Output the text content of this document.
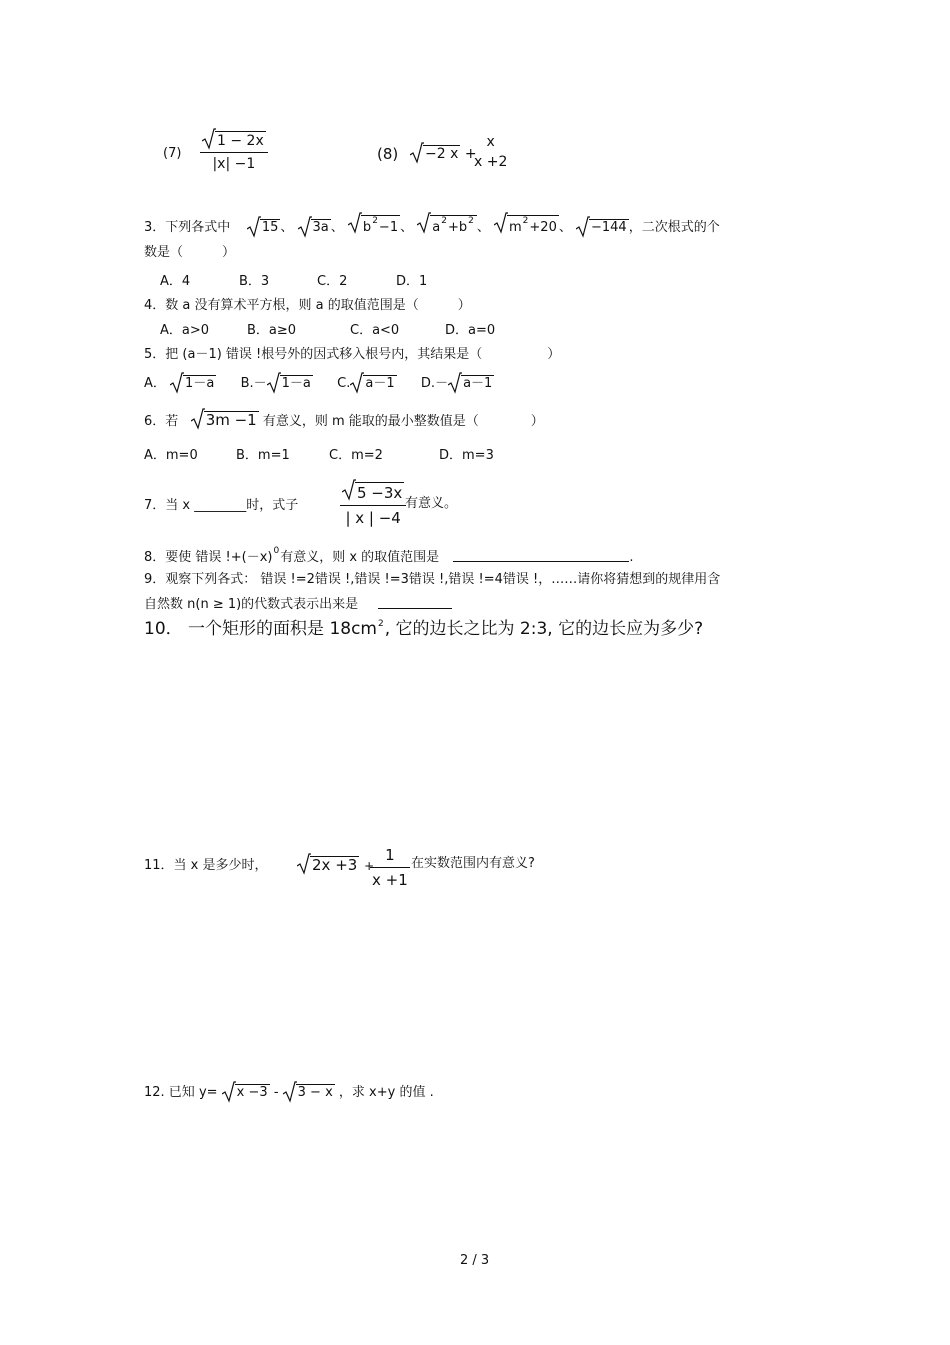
(7)
1 − 2x
|x| −1
(8)	−2 x +
x
x +2
3．下列各式中 15 、 3a 、 $b^2-1$ 、 $a^2+b^2$ 、 $m^2+20$ 、 −144 ，二次根式的个
数是（　　　）
A．4	B．3	C．2	D．1
4．数 a 没有算术平方根，则 a 的取值范围是（　　　）
A．a>0	B．a≥0	C．a<0	D．a=0
5．把 (a－1) 错误 !根号外的因式移入根号内，其结果是（　　　　　）
A． 1－a B.－ 1－a C. a－1 D.－ a－1
6．若 3m −1 有意义，则 m 能取的最小整数值是（　　　　）
A．m=0	B．m=1	C．m=2	D．m=3
7．当 x ________时，式子
5 −3x
| x | −4
有意义。
8．要使 错误 $!+(-x)^0$有意义，则 x 的取值范围是	.
9．观察下列各式： 错误 !=2错误 !,错误 !=3错误 !,错误 !=4错误 !，……请你将猜想到的规律用含
自然数 n(n ≥ 1)的代数式表示出来是
10． 一个矩形的面积是 $18cm^2$, 它的边长之比为 2:3, 它的边长应为多少?
11．当 x 是多少时，	2x +3 +
1
x +1
在实数范围内有意义?
12. 已知 y= x −3 - 3 − x ，求 x+y 的值 .
2 / 3
